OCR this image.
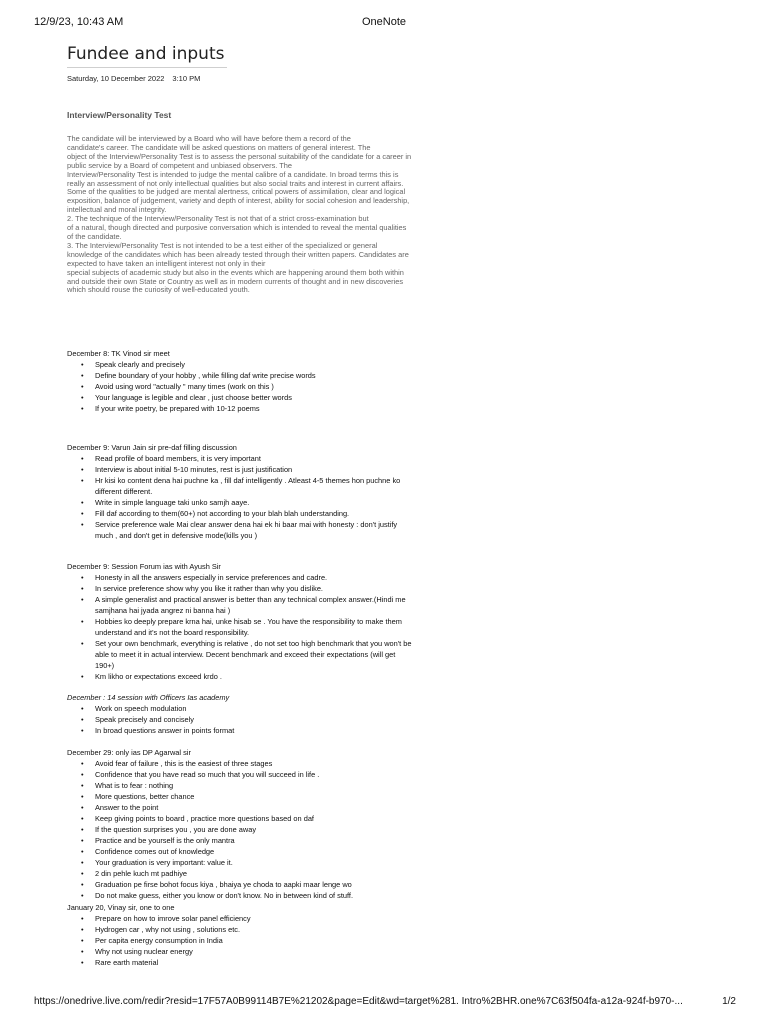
12/9/23, 10:43 AM	OneNote
Fundee and inputs
Saturday, 10 December 2022 3:10 PM
Interview/Personality Test

The candidate will be interviewed by a Board who will have before them a record of the

candidate's career. The candidate will be asked questions on matters of general interest. The

object of the Interview/Personality Test is to assess the personal suitability of the candidate for a career in

public service by a Board of competent and unbiased observers. The

Interview/Personality Test is intended to judge the mental calibre of a candidate. In broad terms this is

really an assessment of not only intellectual qualities but also social traits and interest in current affairs.

Some of the qualities to be judged are mental alertness, critical powers of assimilation, clear and logical

exposition, balance of judgement, variety and depth of interest, ability for social cohesion and leadership,

intellectual and moral integrity.

2. The technique of the Interview/Personality Test is not that of a strict cross-examination but

of a natural, though directed and purposive conversation which is intended to reveal the mental qualities

of the candidate.

3. The Interview/Personality Test is not intended to be a test either of the specialized or general

knowledge of the candidates which has been already tested through their written papers. Candidates are

expected to have taken an intelligent interest not only in their

special subjects of academic study but also in the events which are happening around them both within

and outside their own State or Country as well as in modern currents of thought and in new discoveries

which should rouse the curiosity of well-educated youth.

December 8: TK Vinod sir meet

• Speak clearly and precisely
• Define boundary of your hobby , while filling daf write precise words
• Avoid using word "actually " many times (work on this )
• Your language is legible and clear , just choose better words
• If your write poetry, be prepared with 10-12 poems

December 9: Varun Jain sir pre-daf filling discussion

• Read profile of board members, it is very important
• Interview is about initial 5-10 minutes, rest is just justification
• Hr kisi ko content dena hai puchne ka , fill daf intelligently . Atleast 4-5 themes hon puchne ko
different different.
• Write in simple language taki unko samjh aaye.
• Fill daf according to them(60+) not according to your blah blah understanding.
• Service preference wale Mai clear answer dena hai ek hi baar mai with honesty : don't justify
much , and don't get in defensive mode(kills you )

December 9: Session Forum ias with Ayush Sir

• Honesty in all the answers especially in service preferences and cadre.
• In service preference show why you like it rather than why you dislike.
• A simple generalist and practical answer is better than any technical complex answer.(Hindi me
samjhana hai jyada angrez ni banna hai )
• Hobbies ko deeply prepare krna hai, unke hisab se . You have the responsibility to make them
understand and it's not the board responsibility.
• Set your own benchmark, everything is relative , do not set too high benchmark that you won't be
able to meet it in actual interview. Decent benchmark and exceed their expectations (will get
190+)
• Km likho or expectations exceed krdo .

December : 14 session with Officers Ias academy

• Work on speech modulation
• Speak precisely and concisely
• In broad questions answer in points format

December 29: only ias DP Agarwal sir

• Avoid fear of failure , this is the easiest of three stages
• Confidence that you have read so much that you will succeed in life .
• What is to fear : nothing
• More questions, better chance
• Answer to the point
• Keep giving points to board , practice more questions based on daf
• If the question surprises you , you are done away
• Practice and be yourself is the only mantra
• Confidence comes out of knowledge
• Your graduation is very important: value it.
• 2 din pehle kuch mt padhiye
• Graduation pe firse bohot focus kiya , bhaiya ye choda to aapki maar lenge wo
• Do not make guess, either you know or don't know. No in between kind of stuff.

January 20, Vinay sir, one to one

• Prepare on how to imrove solar panel efficiency
• Hydrogen car , why not using , solutions etc.
• Per capita energy consumption in India
• Why not using nuclear energy
• Rare earth material
https://onedrive.live.com/redir?resid=17F57A0B99114B7E%21202&page=Edit&wd=target%281. Intro%2BHR.one%7C63f504fa-a12a-924f-b970-...	1/2
